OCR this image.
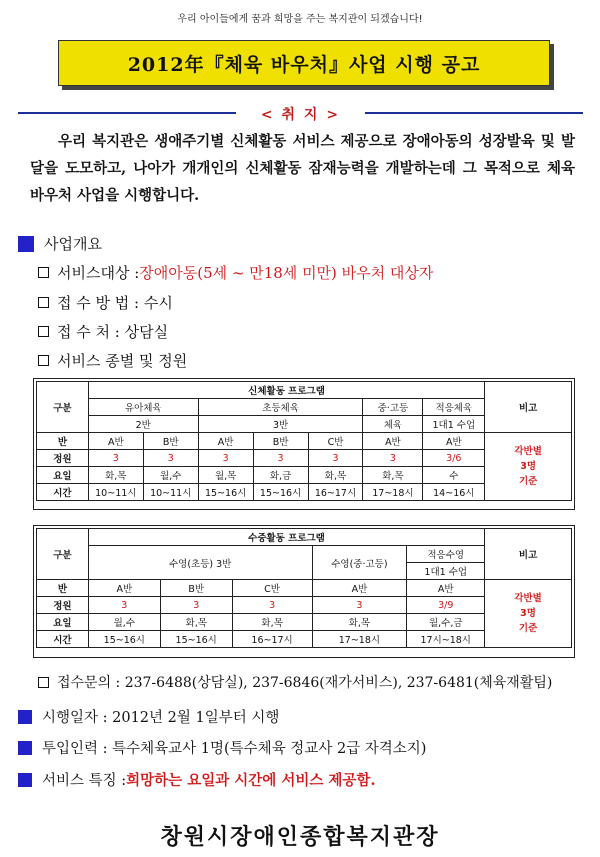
우리 아이들에게 꿈과 희망을 주는 복지관이 되겠습니다!
2012年『체육 바우처』사업 시행 공고
< 취 지 >
우리 복지관은 생애주기별 신체활동 서비스 제공으로 장애아동의 성장발육 및 발달을 도모하고, 나아가 개개인의 신체활동 잠재능력을 개발하는데 그 목적으로 체육 바우처 사업을 시행합니다.
사업개요
서비스대상 : 장애아동(5세 ~ 만18세 미만) 바우처 대상자
접 수 방 법 : 수시
접 수 처 : 상담실
서비스 종별 및 정원
구분	신체활동 프로그램							비고
	유아체육		초등체육			중·고등	적응체육	
	2반		3반			체육	1대1 수업	
반	A반	B반	A반	B반	C반	A반	A반	각반별
3명
기준

정원	3	3	3	3	3	3	3/6	
요일	화,목	월,수	월,목	화,금	화,목	화,목	수	
시간	10~11시	10~11시	15~16시	15~16시	16~17시	17~18시	14~16시	
구분	수중활동 프로그램					비고
	수영(초등) 3반			수영(중·고등)	적응수영	
					1대1 수업	
반	A반	B반	C반	A반	A반	각반별
3명
기준

정원	3	3	3	3	3/9	
요일	월,수	화,목	화,목	화,목	월,수,금	
시간	15~16시	15~16시	16~17시	17~18시	17시~18시	
접수문의 : 237-6488(상담실), 237-6846(재가서비스), 237-6481(체육재활팀)
시행일자 : 2012년 2월 1일부터 시행
투입인력 : 특수체육교사 1명(특수체육 정교사 2급 자격소지)
서비스 특징 : 희망하는 요일과 시간에 서비스 제공함.
창원시장애인종합복지관장
